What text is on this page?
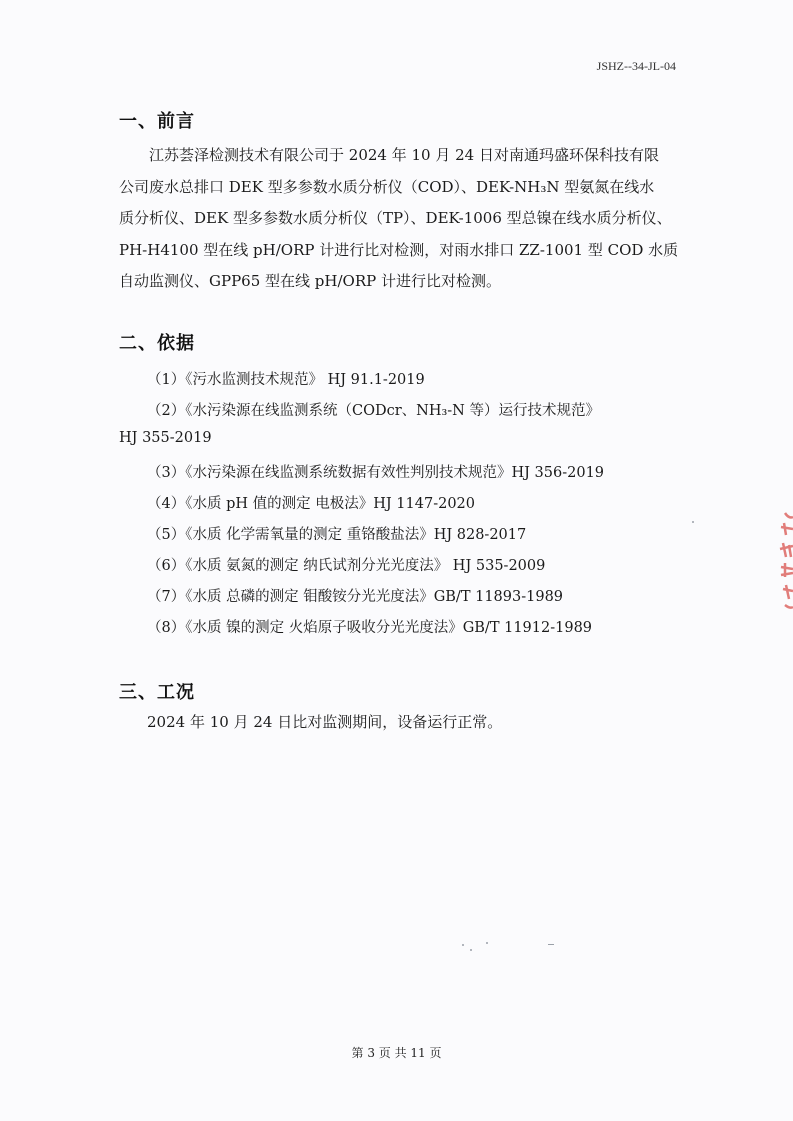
JSHZ--34-JL-04
一、前言
江苏荟泽检测技术有限公司于 2024 年 10 月 24 日对南通玛盛环保科技有限
公司废水总排口 DEK 型多参数水质分析仪（COD）、DEK-NH₃N 型氨氮在线水
质分析仪、DEK 型多参数水质分析仪（TP）、DEK-1006 型总镍在线水质分析仪、
PH-H4100 型在线 pH/ORP 计进行比对检测，对雨水排口 ZZ-1001 型 COD 水质
自动监测仪、GPP65 型在线 pH/ORP 计进行比对检测。
二、依据
（1）《污水监测技术规范》 HJ 91.1-2019
（2）《水污染源在线监测系统（CODcr、NH₃-N 等）运行技术规范》
HJ 355-2019
（3）《水污染源在线监测系统数据有效性判别技术规范》HJ 356-2019
（4）《水质 pH 值的测定 电极法》HJ 1147-2020
（5）《水质 化学需氧量的测定 重铬酸盐法》HJ 828-2017
（6）《水质 氨氮的测定 纳氏试剂分光光度法》 HJ 535-2009
（7）《水质 总磷的测定 钼酸铵分光光度法》GB/T 11893-1989
（8）《水质 镍的测定 火焰原子吸收分光光度法》GB/T 11912-1989
三、工况
2024 年 10 月 24 日比对监测期间，设备运行正常。
第 3 页 共 11 页
